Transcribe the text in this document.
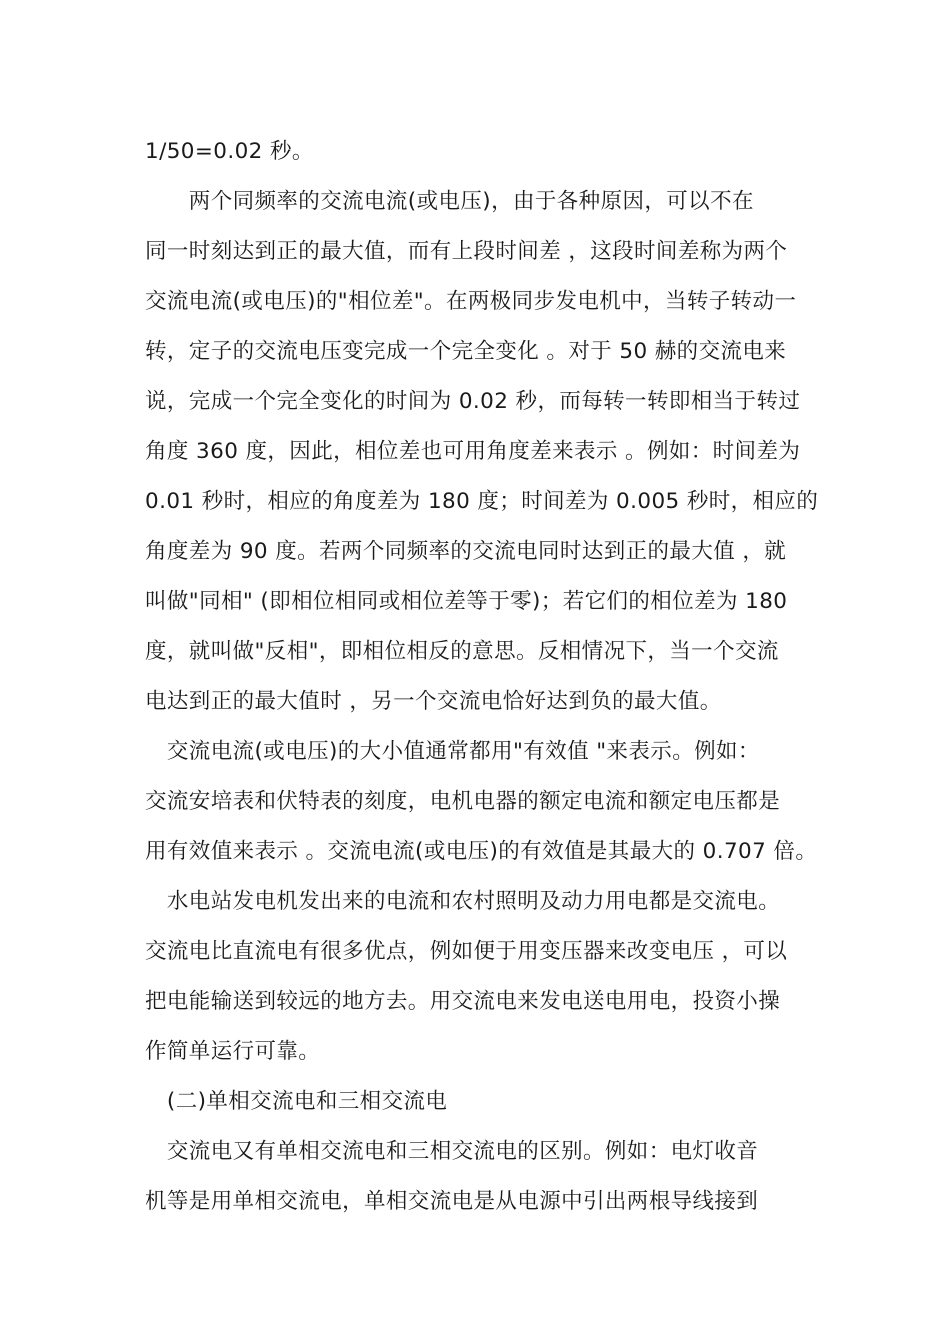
1/50=0.02 秒。
　　两个同频率的交流电流(或电压)，由于各种原因，可以不在
同一时刻达到正的最大值，而有上段时间差 ，这段时间差称为两个
交流电流(或电压)的"相位差"。在两极同步发电机中，当转子转动一
转，定子的交流电压变完成一个完全变化 。对于 50 赫的交流电来
说，完成一个完全变化的时间为 0.02 秒，而每转一转即相当于转过
角度 360 度，因此，相位差也可用角度差来表示 。例如：时间差为
0.01 秒时，相应的角度差为 180 度；时间差为 0.005 秒时，相应的
角度差为 90 度。若两个同频率的交流电同时达到正的最大值 ，就
叫做"同相" (即相位相同或相位差等于零)；若它们的相位差为 180
度，就叫做"反相"，即相位相反的意思。反相情况下，当一个交流
电达到正的最大值时 ，另一个交流电恰好达到负的最大值。
　交流电流(或电压)的大小值通常都用"有效值 "来表示。例如：
交流安培表和伏特表的刻度，电机电器的额定电流和额定电压都是
用有效值来表示 。交流电流(或电压)的有效值是其最大的 0.707 倍。
　水电站发电机发出来的电流和农村照明及动力用电都是交流电。
交流电比直流电有很多优点，例如便于用变压器来改变电压 ，可以
把电能输送到较远的地方去。用交流电来发电送电用电，投资小操
作简单运行可靠。
　(二)单相交流电和三相交流电
　交流电又有单相交流电和三相交流电的区别。例如：电灯收音
机等是用单相交流电，单相交流电是从电源中引出两根导线接到
